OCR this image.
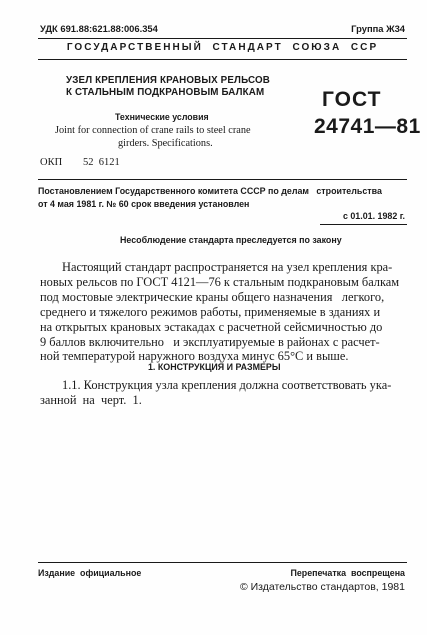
УДК 691.88:621.88:006.354	Группа Ж34
ГОСУДАРСТВЕННЫЙ  СТАНДАРТ  СОЮЗА  ССР
УЗЕЛ КРЕПЛЕНИЯ КРАНОВЫХ РЕЛЬСОВ
К СТАЛЬНЫМ ПОДКРАНОВЫМ БАЛКАМ
Технические условия
Joint for connection of crane rails to steel crane
girders. Specifications.
ГОСТ
24741—81
ОКП 52  6121
Постановлением Государственного комитета СССР по делам   строительства
от 4 мая 1981 г. № 60 срок введения установлен
с 01.01. 1982 г.
Несоблюдение стандарта преследуется по закону
Настоящий стандарт распространяется на узел крепления кра-
новых рельсов по ГОСТ 4121—76 к стальным подкрановым балкам
под мостовые электрические краны общего назначения   легкого,
среднего и тяжелого режимов работы, применяемые в зданиях и
на открытых крановых эстакадах с расчетной сейсмичностью до
9 баллов включительно   и эксплуатируемые в районах с расчет-
ной температурой наружного воздуха минус 65°С и выше.
1. КОНСТРУКЦИЯ И РАЗМЕРЫ
1.1. Конструкция узла крепления должна соответствовать ука-
занной  на  черт.  1.
Издание  официальное	Перепечатка  воспрещена
© Издательство стандартов, 1981
